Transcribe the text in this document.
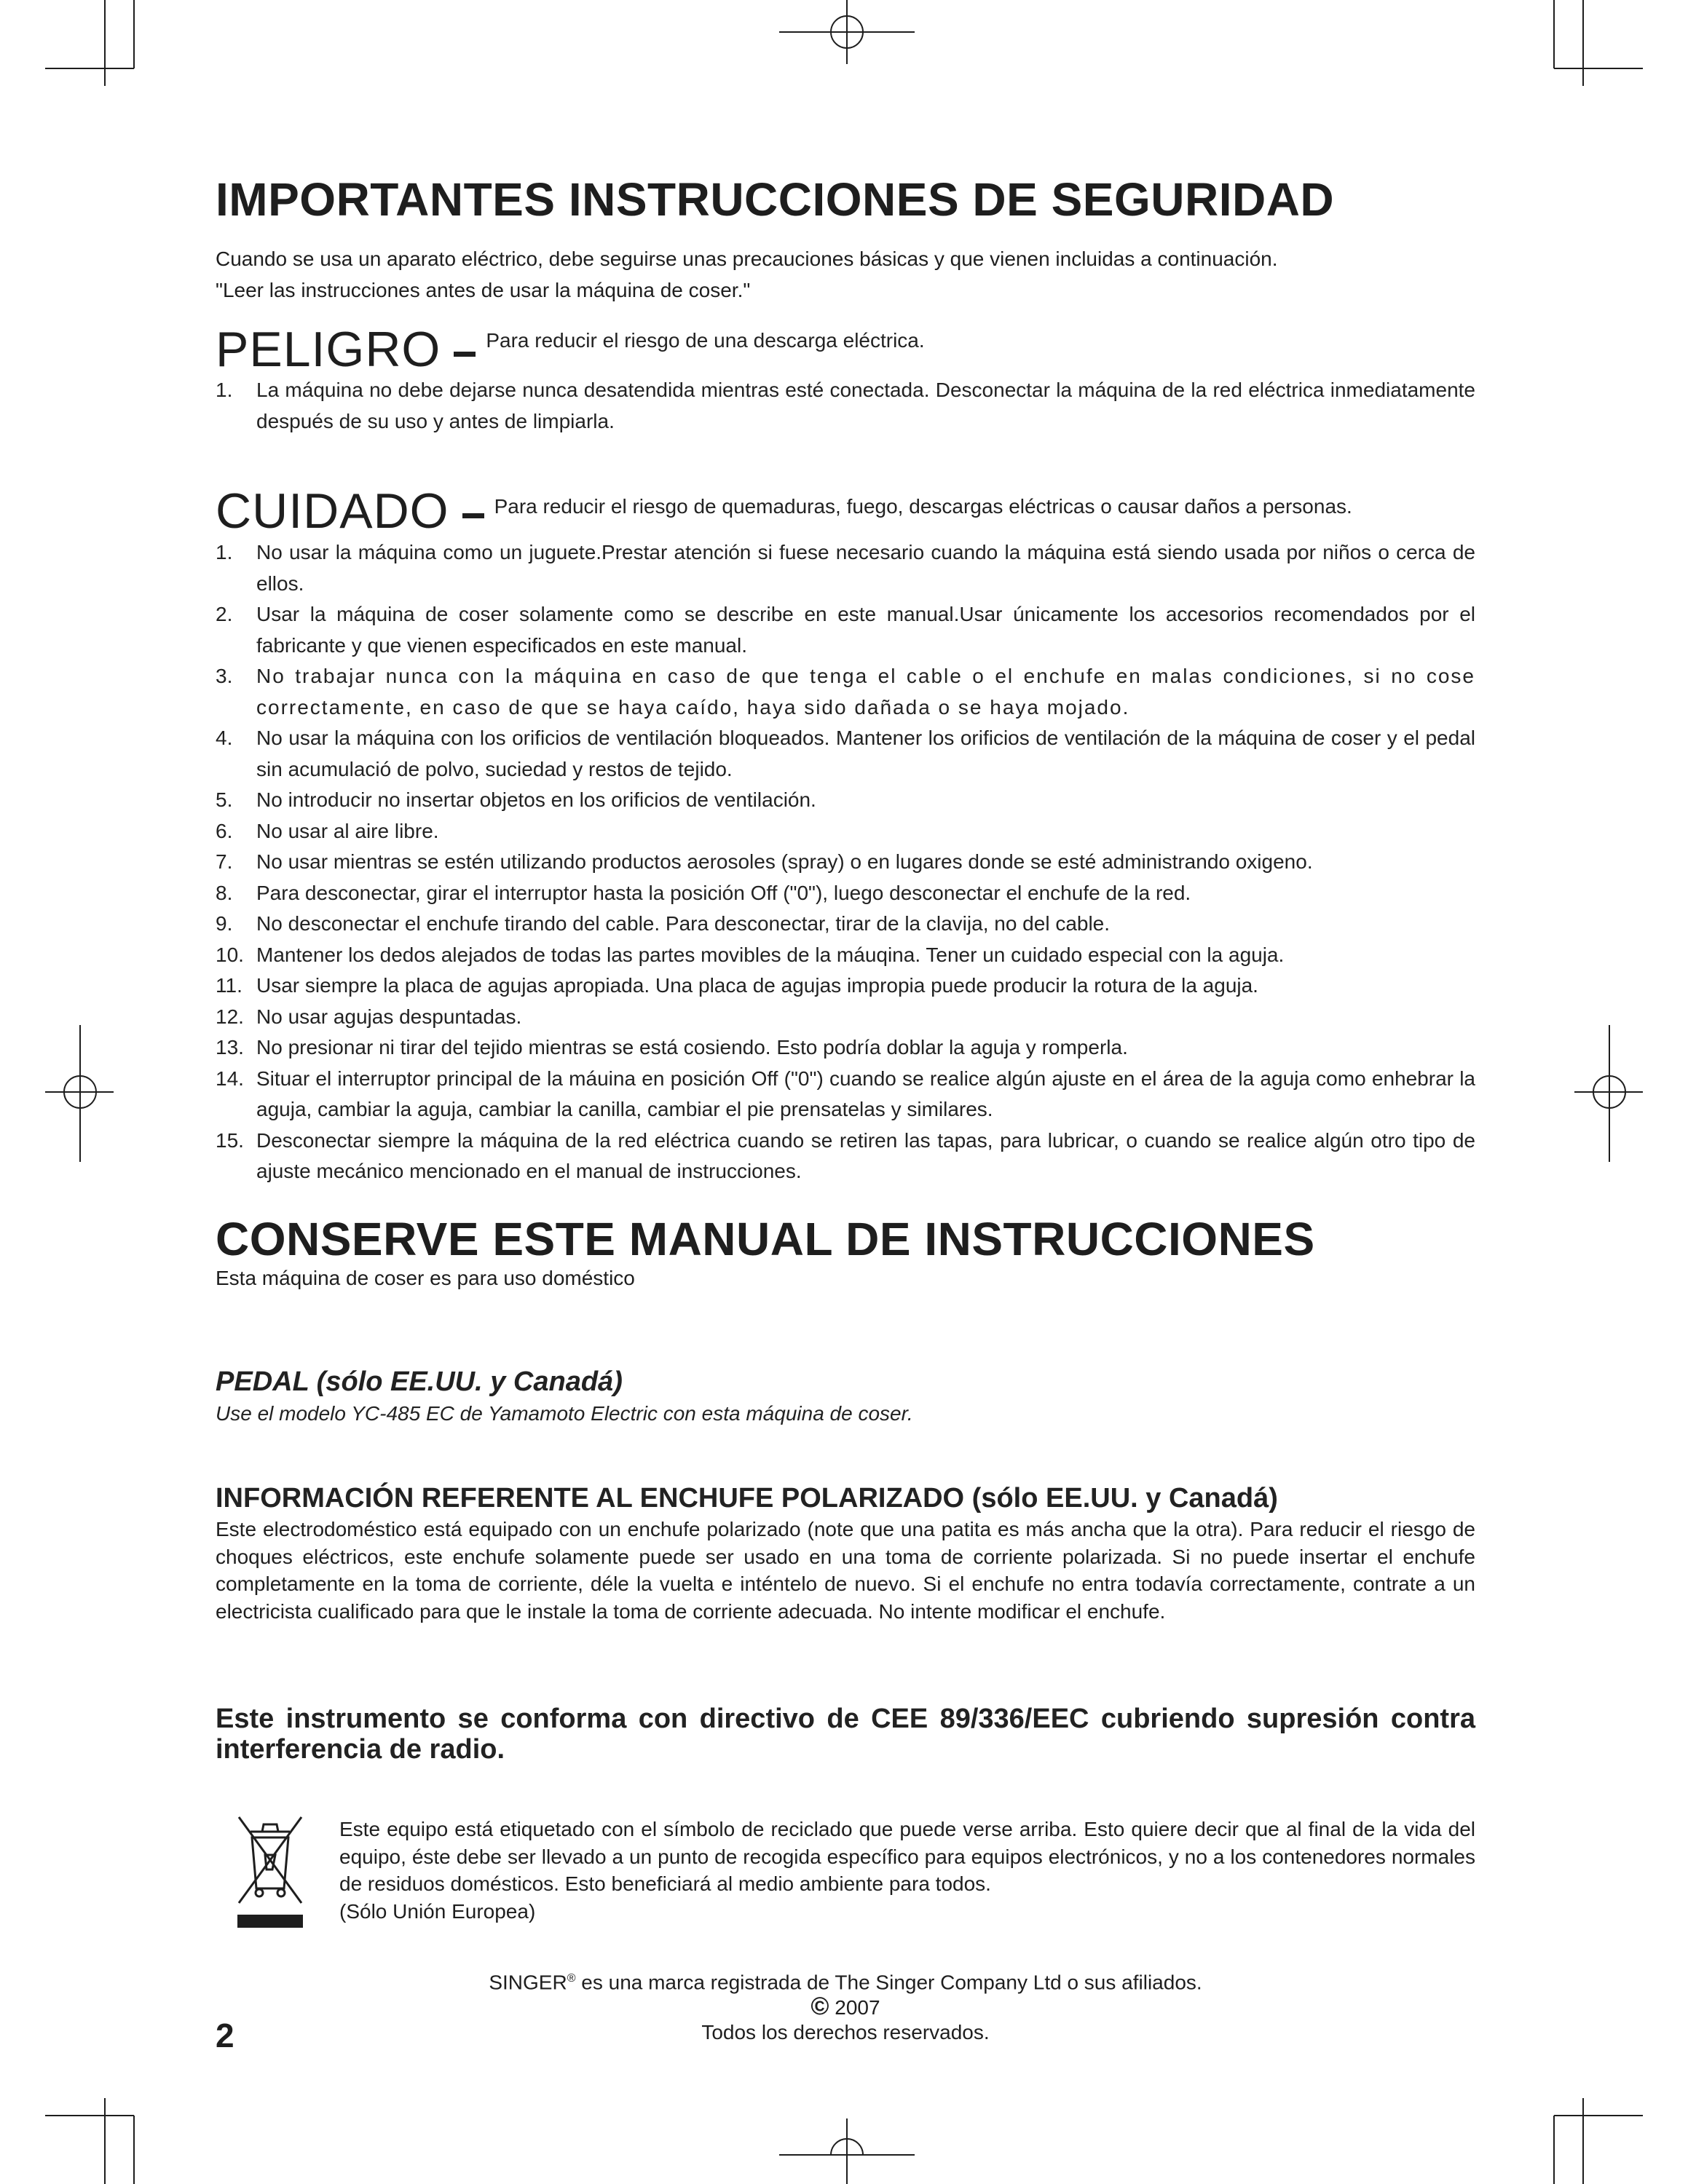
IMPORTANTES INSTRUCCIONES DE SEGURIDAD
Cuando se usa un aparato eléctrico, debe seguirse unas precauciones básicas y que vienen incluidas a continuación.
"Leer las instrucciones antes de usar la máquina de coser."
PELIGRO Para reducir el riesgo de una descarga eléctrica.
1.	La máquina no debe dejarse nunca desatendida mientras esté conectada. Desconectar la máquina de la red eléctrica inmediatamente después de su uso y antes de limpiarla.
CUIDADO Para reducir el riesgo de quemaduras, fuego, descargas eléctricas o causar daños a personas.
1.	No usar la máquina como un juguete.Prestar atención si fuese necesario cuando la máquina está siendo usada por niños o cerca de ellos.
2.	Usar la máquina de coser solamente como se describe en este manual.Usar únicamente los accesorios recomendados por el fabricante y que vienen especificados en este manual.
3.	No trabajar nunca con la máquina en caso de que tenga el cable o el enchufe en malas condiciones, si no cose correctamente, en caso de que se haya caído, haya sido dañada o se haya mojado.
4.	No usar la máquina con los orificios de ventilación bloqueados. Mantener los orificios de ventilación de la máquina de coser y el pedal sin acumulació de polvo, suciedad y restos de tejido.
5.	No introducir no insertar objetos en los orificios de ventilación.
6.	No usar al aire libre.
7.	No usar mientras se estén utilizando productos aerosoles (spray) o en lugares donde se esté administrando oxigeno.
8.	Para desconectar, girar el interruptor hasta la posición Off ("0"), luego desconectar el enchufe de la red.
9.	No desconectar el enchufe tirando del cable. Para desconectar, tirar de la clavija, no del cable.
10. Mantener los dedos alejados de todas las partes movibles de la máuqina. Tener un cuidado especial con la aguja.
11. Usar siempre la placa de agujas apropiada. Una placa de agujas impropia puede producir la rotura de la aguja.
12. No usar agujas despuntadas.
13. No presionar ni tirar del tejido mientras se está cosiendo. Esto podría doblar la aguja y romperla.
14. Situar el interruptor principal de la máuina en posición Off ("0") cuando se realice algún ajuste en el área de la aguja como enhebrar la aguja, cambiar la aguja, cambiar la canilla, cambiar el pie prensatelas y similares.
15. Desconectar siempre la máquina de la red eléctrica cuando se retiren las tapas, para lubricar, o cuando se realice algún otro tipo de ajuste mecánico mencionado en el manual de instrucciones.
CONSERVE ESTE MANUAL DE INSTRUCCIONES
Esta máquina de coser es para uso doméstico
PEDAL (sólo EE.UU. y Canadá)
Use el modelo YC-485 EC de Yamamoto Electric con esta máquina de coser.
INFORMACIÓN REFERENTE AL ENCHUFE POLARIZADO (sólo EE.UU. y Canadá)
Este electrodoméstico está equipado con un enchufe polarizado (note que una patita es más ancha que la otra). Para reducir el riesgo de choques eléctricos, este enchufe solamente puede ser usado en una toma de corriente polarizada. Si no puede insertar el enchufe completamente en la toma de corriente, déle la vuelta e inténtelo de nuevo. Si el enchufe no entra todavía correctamente, contrate a un electricista cualificado para que le instale la toma de corriente adecuada. No intente modificar el enchufe.
Este instrumento se conforma con directivo de CEE 89/336/EEC cubriendo supresión contra interferencia de radio.
Este equipo está etiquetado con el símbolo de reciclado que puede verse arriba. Esto quiere decir que al final de la vida del equipo, éste debe ser llevado a un punto de recogida específico para equipos electrónicos, y no a los contenedores normales de residuos domésticos. Esto beneficiará al medio ambiente para todos.
(Sólo Unión Europea)
SINGER® es una marca registrada de The Singer Company Ltd o sus afiliados.
© 2007
Todos los derechos reservados.
2
